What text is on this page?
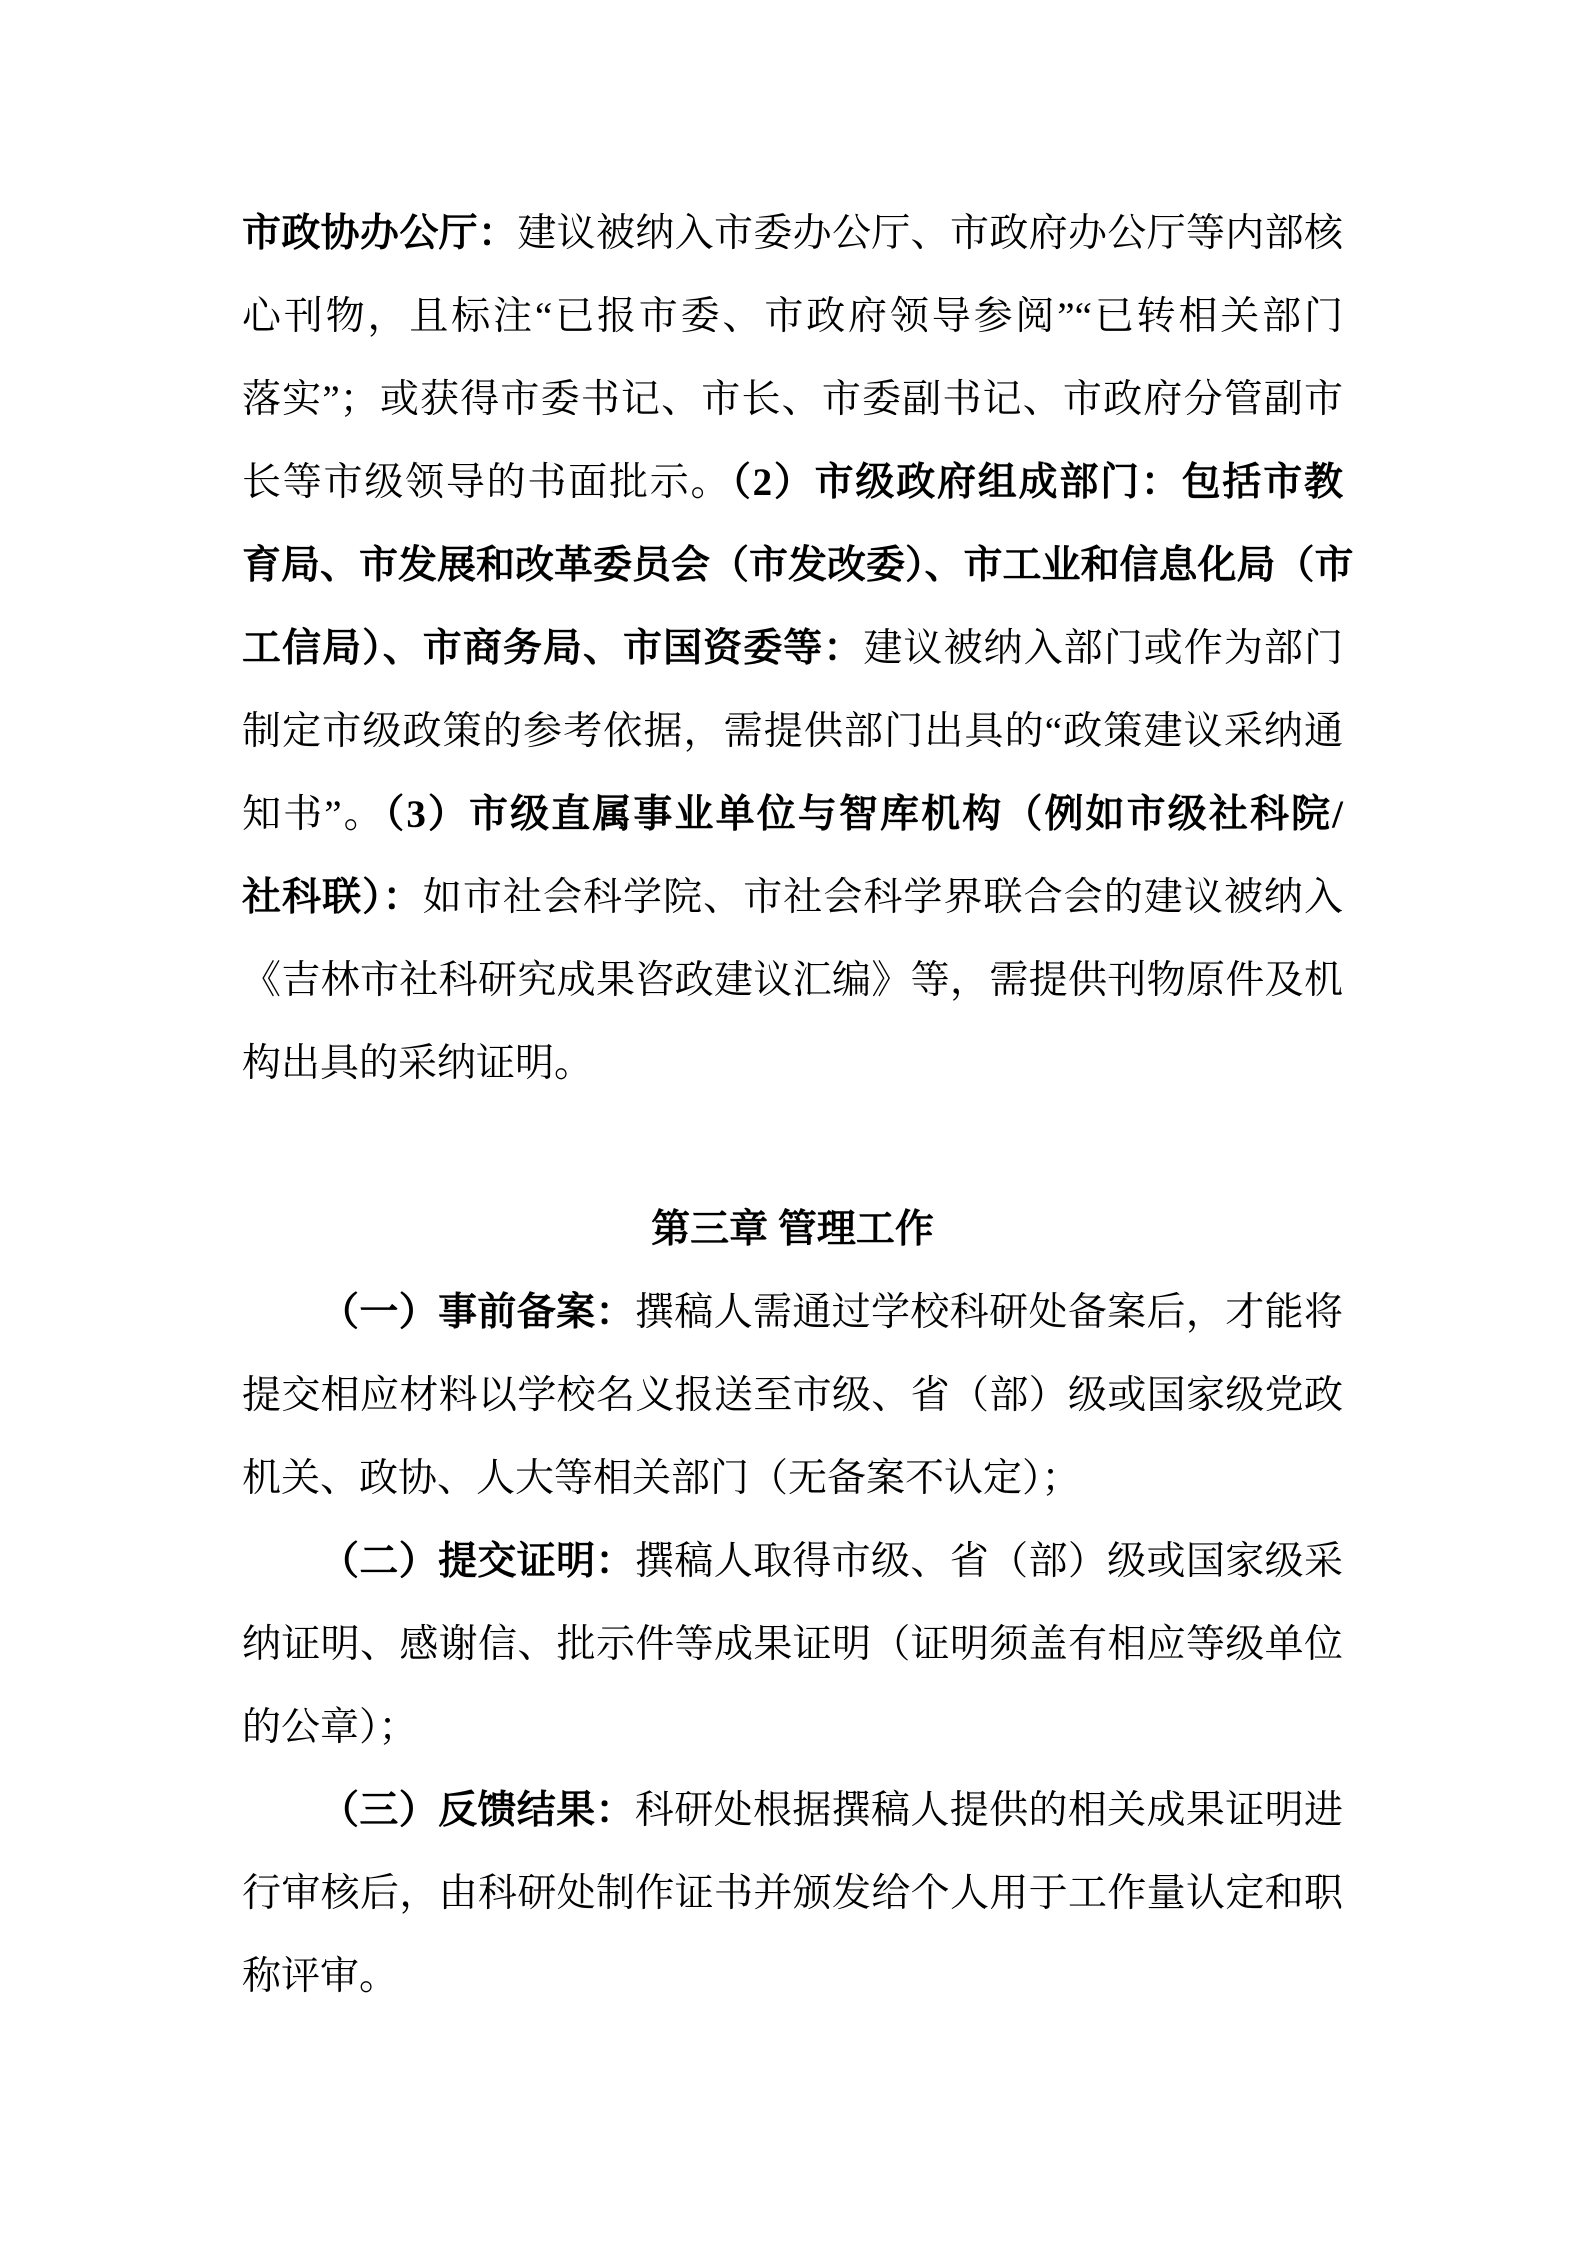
市政协办公厅：建议被纳入市委办公厅、市政府办公厅等内部核
心刊物，且标注“已报市委、市政府领导参阅”“已转相关部门
落实”；或获得市委书记、市长、市委副书记、市政府分管副市
长等市级领导的书面批示。（2）市级政府组成部门：包括市教
育局、市发展和改革委员会（市发改委）、市工业和信息化局（市
工信局）、市商务局、市国资委等：建议被纳入部门或作为部门
制定市级政策的参考依据，需提供部门出具的“政策建议采纳通
知书”。（3）市级直属事业单位与智库机构（例如市级社科院/
社科联）：如市社会科学院、市社会科学界联合会的建议被纳入
《吉林市社科研究成果咨政建议汇编》等，需提供刊物原件及机
构出具的采纳证明。
第三章 管理工作
（一）事前备案：撰稿人需通过学校科研处备案后，才能将
提交相应材料以学校名义报送至市级、省（部）级或国家级党政
机关、政协、人大等相关部门（无备案不认定）；
（二）提交证明：撰稿人取得市级、省（部）级或国家级采
纳证明、感谢信、批示件等成果证明（证明须盖有相应等级单位
的公章）；
（三）反馈结果：科研处根据撰稿人提供的相关成果证明进
行审核后，由科研处制作证书并颁发给个人用于工作量认定和职
称评审。
